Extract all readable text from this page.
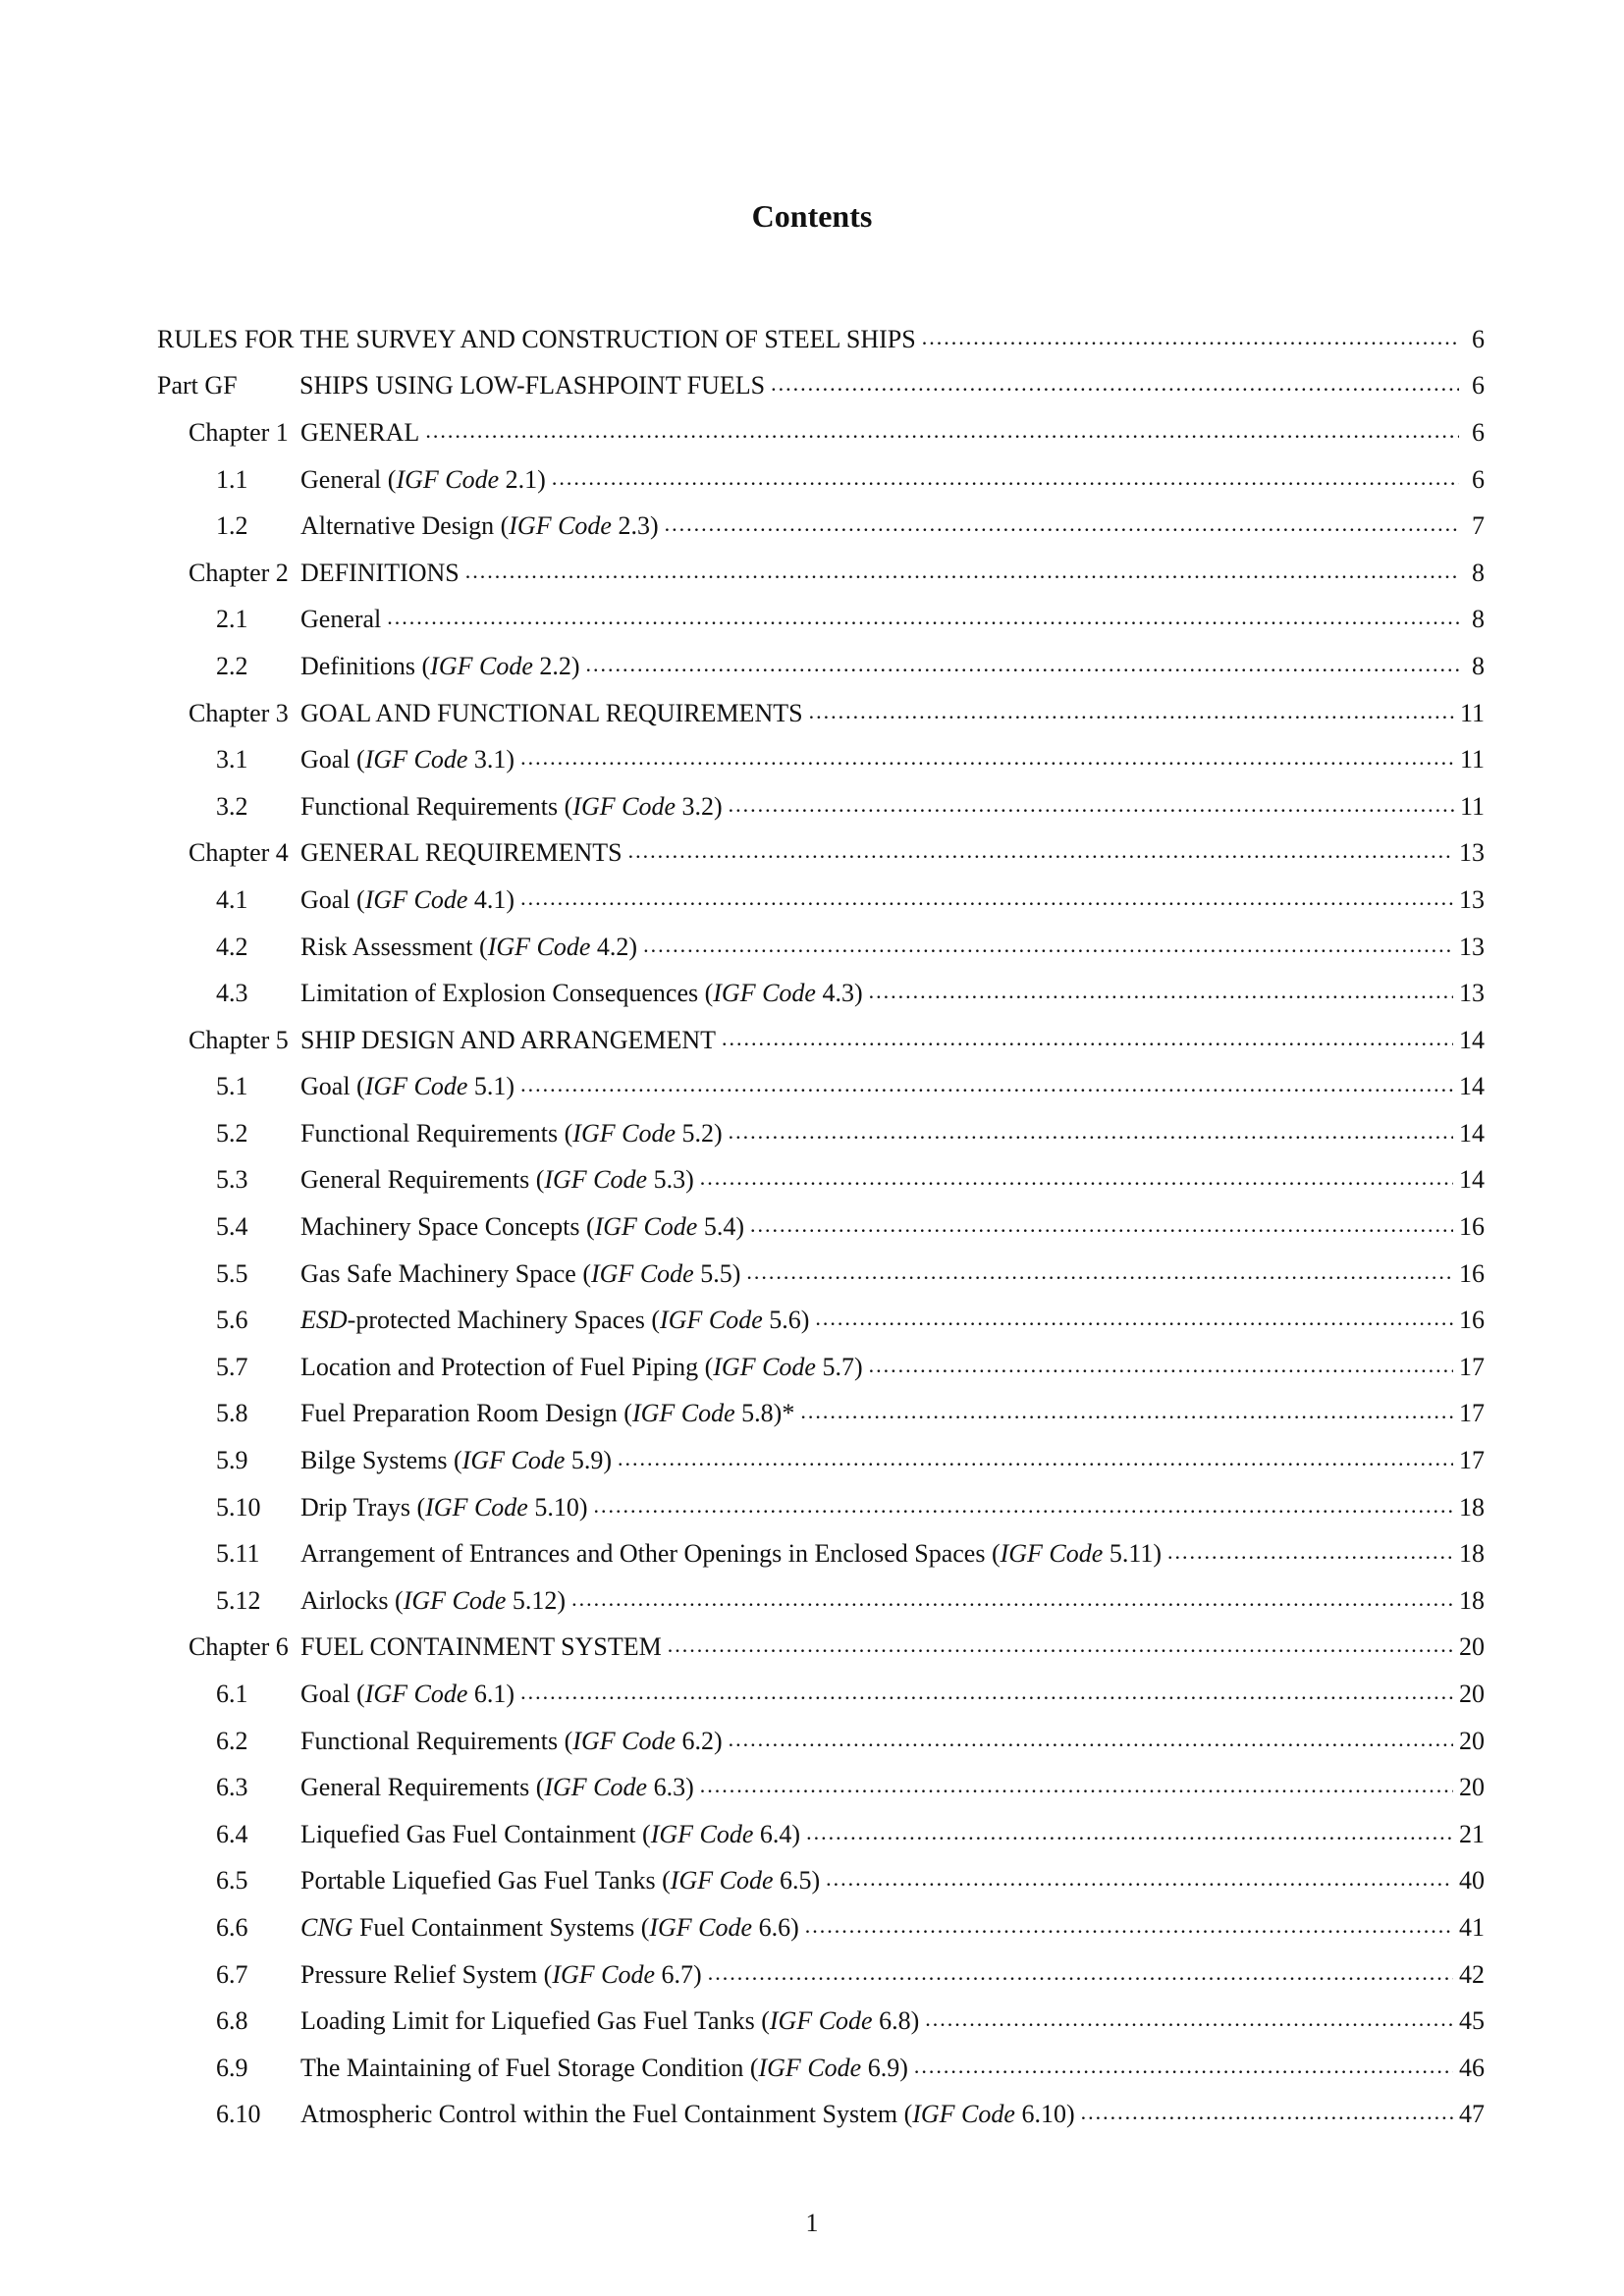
Contents
RULES FOR THE SURVEY AND CONSTRUCTION OF STEEL SHIPS .....	6
Part GF	SHIPS USING LOW-FLASHPOINT FUELS .....	6
Chapter 1 GENERAL .....	6
1.1	General (IGF Code 2.1) .....	6
1.2	Alternative Design (IGF Code 2.3) .....	7
Chapter 2 DEFINITIONS .....	8
2.1	General .....	8
2.2	Definitions (IGF Code 2.2) .....	8
Chapter 3 GOAL AND FUNCTIONAL REQUIREMENTS .....	11
3.1	Goal (IGF Code 3.1) .....	11
3.2	Functional Requirements (IGF Code 3.2) .....	11
Chapter 4 GENERAL REQUIREMENTS .....	13
4.1	Goal (IGF Code 4.1) .....	13
4.2	Risk Assessment (IGF Code 4.2) .....	13
4.3	Limitation of Explosion Consequences (IGF Code 4.3) .....	13
Chapter 5 SHIP DESIGN AND ARRANGEMENT .....	14
5.1	Goal (IGF Code 5.1) .....	14
5.2	Functional Requirements (IGF Code 5.2) .....	14
5.3	General Requirements (IGF Code 5.3) .....	14
5.4	Machinery Space Concepts (IGF Code 5.4) .....	16
5.5	Gas Safe Machinery Space (IGF Code 5.5) .....	16
5.6	ESD-protected Machinery Spaces (IGF Code 5.6) .....	16
5.7	Location and Protection of Fuel Piping (IGF Code 5.7) .....	17
5.8	Fuel Preparation Room Design (IGF Code 5.8)* .....	17
5.9	Bilge Systems (IGF Code 5.9) .....	17
5.10	Drip Trays (IGF Code 5.10) .....	18
5.11	Arrangement of Entrances and Other Openings in Enclosed Spaces (IGF Code 5.11) .....	18
5.12	Airlocks (IGF Code 5.12) .....	18
Chapter 6 FUEL CONTAINMENT SYSTEM .....	20
6.1	Goal (IGF Code 6.1) .....	20
6.2	Functional Requirements (IGF Code 6.2) .....	20
6.3	General Requirements (IGF Code 6.3) .....	20
6.4	Liquefied Gas Fuel Containment (IGF Code 6.4) .....	21
6.5	Portable Liquefied Gas Fuel Tanks (IGF Code 6.5) .....	40
6.6	CNG Fuel Containment Systems (IGF Code 6.6) .....	41
6.7	Pressure Relief System (IGF Code 6.7) .....	42
6.8	Loading Limit for Liquefied Gas Fuel Tanks (IGF Code 6.8) .....	45
6.9	The Maintaining of Fuel Storage Condition (IGF Code 6.9) .....	46
6.10	Atmospheric Control within the Fuel Containment System (IGF Code 6.10) .....	47
1
